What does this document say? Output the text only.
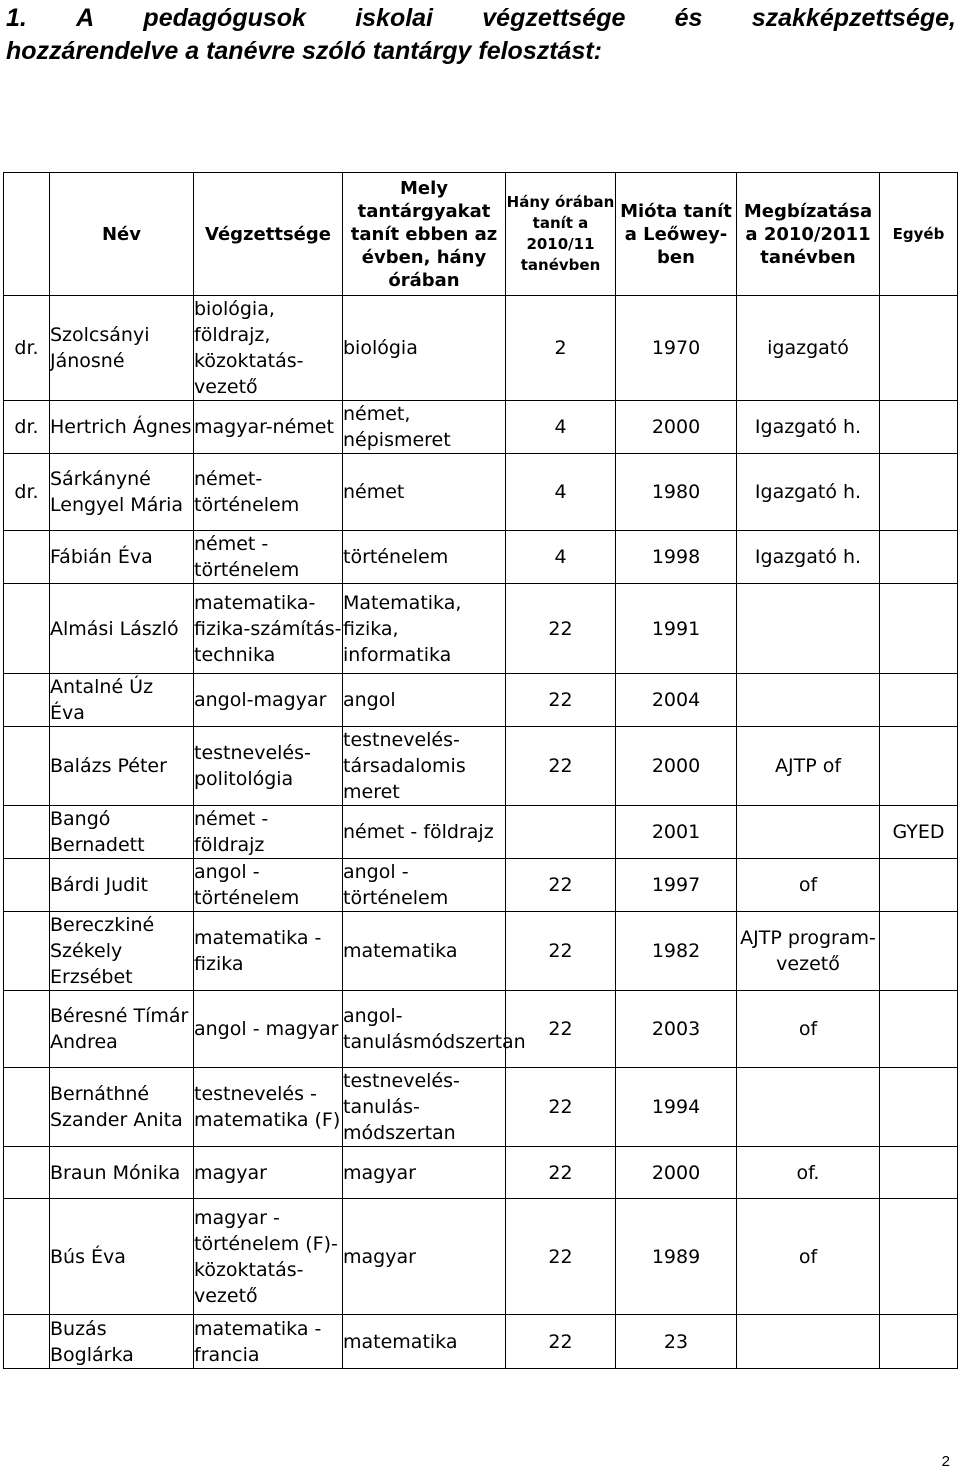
1. A pedagógusok iskolai végzettsége és szakképzettsége,
hozzárendelve a tanévre szóló tantárgy felosztást:
	Név	Végzettsége	Mely tantárgyakat tanít ebben az évben, hány órában	Hány órában tanít a 2010/11 tanévben	Mióta tanít a Leőwey-ben	Megbízatása a 2010/2011 tanévben	Egyéb

dr.	Szolcsányi Jánosné	biológia, földrajz, közoktatás-vezető	biológia	2	1970	igazgató	

dr.	Hertrich Ágnes	magyar-német	német, népismeret	4	2000	Igazgató h.	

dr.	Sárkányné Lengyel Mária	német-történelem	német	4	1980	Igazgató h.	

	Fábián Éva	német - történelem	történelem	4	1998	Igazgató h.	

	Almási László	matematika-fizika-számítás-technika	Matematika, fizika, informatika	22	1991		

	Antalné Úz Éva	angol-magyar	angol	22	2004		

	Balázs Péter	testnevelés-politológia	testnevelés-társadalomis meret	22	2000	AJTP of	

	Bangó Bernadett	német - földrajz	német - földrajz		2001		GYED

	Bárdi Judit	angol - történelem	angol - történelem	22	1997	of	

	Bereczkiné Székely Erzsébet	matematika - fizika	matematika	22	1982	AJTP program-vezető	

	Béresné Tímár Andrea	angol - magyar	angol-tanulásmódszertan	22	2003	of	

	Bernáthné Szander Anita	testnevelés - matematika (F)	testnevelés-tanulás-módszertan	22	1994		

	Braun Mónika	magyar	magyar	22	2000	of.	

	Bús Éva	magyar - történelem (F)-közoktatás-vezető	magyar	22	1989	of	

	Buzás Boglárka	matematika - francia	matematika	22	23		

2
